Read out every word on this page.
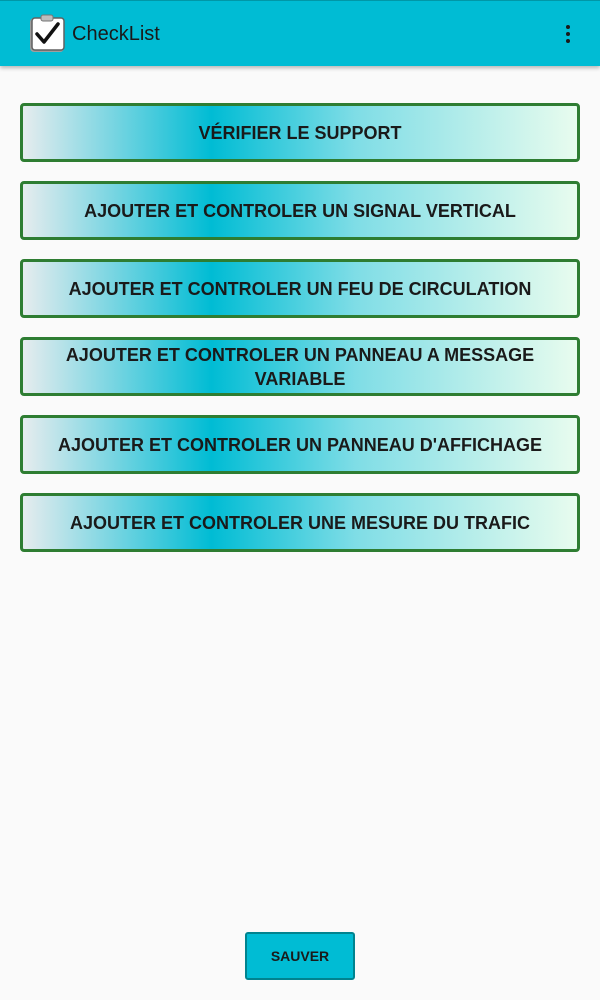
CheckList
VÉRIFIER LE SUPPORT
AJOUTER ET CONTROLER UN SIGNAL VERTICAL
AJOUTER ET CONTROLER UN FEU DE CIRCULATION
AJOUTER ET CONTROLER UN PANNEAU A MESSAGE VARIABLE
AJOUTER ET CONTROLER UN PANNEAU D'AFFICHAGE
AJOUTER ET CONTROLER UNE MESURE DU TRAFIC
SAUVER
